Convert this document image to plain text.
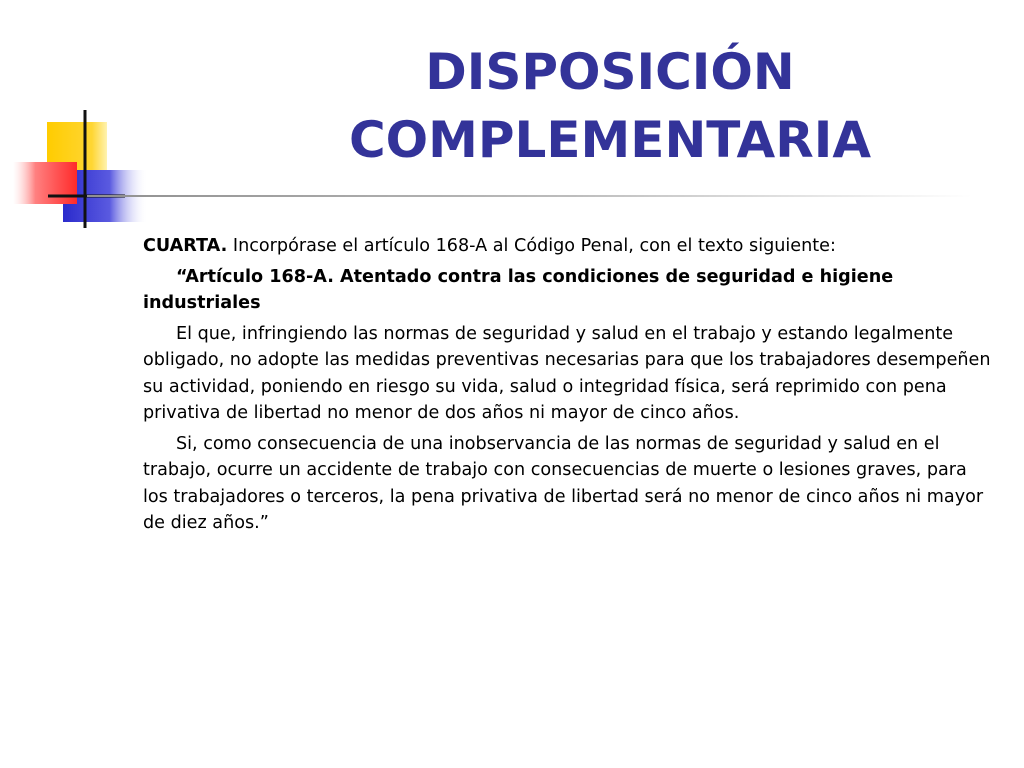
DISPOSICIÓN
COMPLEMENTARIA

CUARTA. Incorpórase el artículo 168-A al Código Penal, con el texto siguiente:

“Artículo 168-A. Atentado contra las condiciones de seguridad e higiene industriales

El que, infringiendo las normas de seguridad y salud en el trabajo y estando legalmente obligado, no adopte las medidas preventivas necesarias para que los trabajadores desempeñen su actividad, poniendo en riesgo su vida, salud o integridad física, será reprimido con pena privativa de libertad no menor de dos años ni mayor de cinco años.

Si, como consecuencia de una inobservancia de las normas de seguridad y salud en el trabajo, ocurre un accidente de trabajo con consecuencias de muerte o lesiones graves, para los trabajadores o terceros, la pena privativa de libertad será no menor de cinco años ni mayor de diez años.”
